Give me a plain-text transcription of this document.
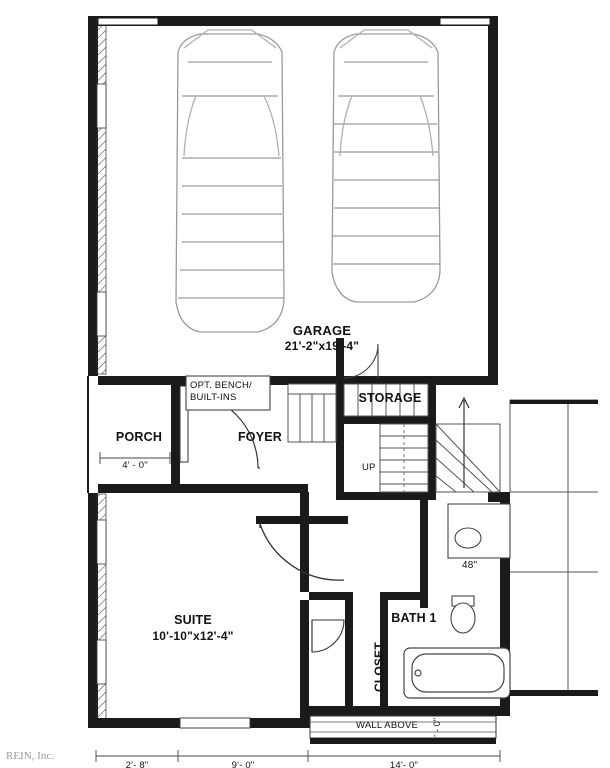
GARAGE
21'-2"x19'-4"
STORAGE
PORCH	FOYER
SUITE
10'-10"x12'-4"
BATH 1
CLOSET
OPT. BENCH/
BUILT-INS
4' - 0"	UP
48"
WALL ABOVE 2' - 0"
2'- 8"	9'- 0"	14'- 0"
REIN, Inc.
